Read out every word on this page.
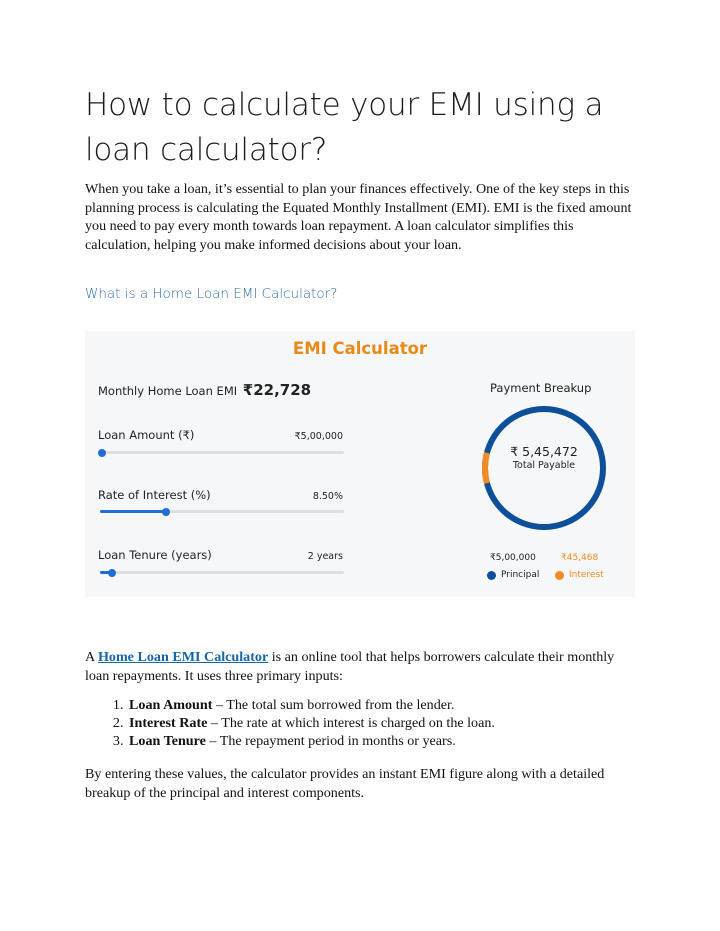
How to calculate your EMI using a loan calculator?

When you take a loan, it’s essential to plan your finances effectively. One of the key steps in this planning process is calculating the Equated Monthly Installment (EMI). EMI is the fixed amount you need to pay every month towards loan repayment. A loan calculator simplifies this calculation, helping you make informed decisions about your loan.

What is a Home Loan EMI Calculator?
EMI Calculator
Monthly Home Loan EMI ₹22,728
Loan Amount (₹)	₹5,00,000
Rate of Interest (%)	8.50%
Loan Tenure (years)	2 years
Payment Breakup
₹ 5,45,472
Total Payable
₹5,00,000	₹45,468
Principal	Interest

A Home Loan EMI Calculator is an online tool that helps borrowers calculate their monthly loan repayments. It uses three primary inputs:

1. Loan Amount – The total sum borrowed from the lender.
2. Interest Rate – The rate at which interest is charged on the loan.
3. Loan Tenure – The repayment period in months or years.

By entering these values, the calculator provides an instant EMI figure along with a detailed breakup of the principal and interest components.
